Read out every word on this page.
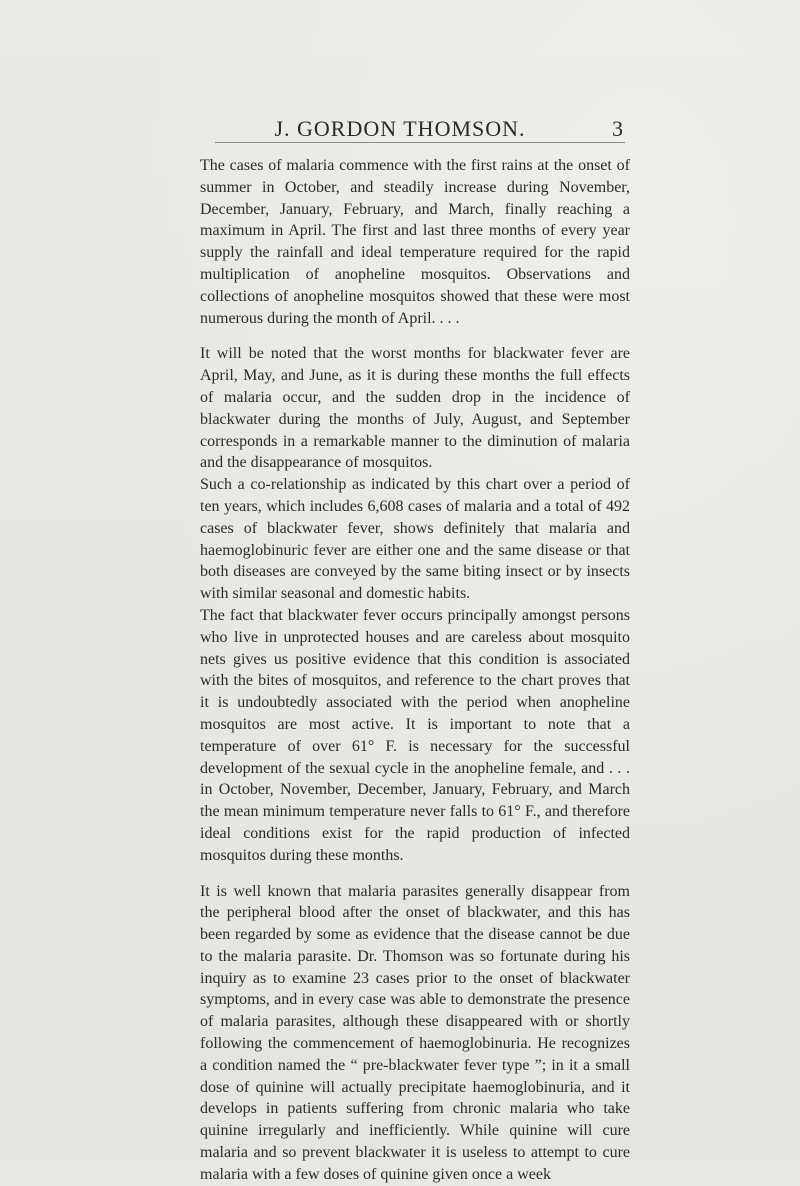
J. GORDON THOMSON.	3

The cases of malaria commence with the first rains at the onset of summer in October, and steadily increase during November, December, January, February, and March, finally reaching a maximum in April. The first and last three months of every year supply the rainfall and ideal temperature required for the rapid multiplication of anopheline mosquitos. Observations and collections of anopheline mosquitos showed that these were most numerous during the month of April. . . .

It will be noted that the worst months for blackwater fever are April, May, and June, as it is during these months the full effects of malaria occur, and the sudden drop in the incidence of blackwater during the months of July, August, and September corresponds in a remarkable manner to the diminution of malaria and the disappearance of mosquitos.

Such a co-relationship as indicated by this chart over a period of ten years, which includes 6,608 cases of malaria and a total of 492 cases of blackwater fever, shows definitely that malaria and haemoglobinuric fever are either one and the same disease or that both diseases are conveyed by the same biting insect or by insects with similar seasonal and domestic habits.

The fact that blackwater fever occurs principally amongst persons who live in unprotected houses and are careless about mosquito nets gives us positive evidence that this condition is associated with the bites of mosquitos, and reference to the chart proves that it is undoubtedly associated with the period when anopheline mosquitos are most active. It is important to note that a temperature of over 61° F. is necessary for the successful development of the sexual cycle in the anopheline female, and . . . in October, November, December, January, February, and March the mean minimum temperature never falls to 61° F., and therefore ideal conditions exist for the rapid production of infected mosquitos during these months.

It is well known that malaria parasites generally disappear from the peripheral blood after the onset of blackwater, and this has been regarded by some as evidence that the disease cannot be due to the malaria parasite. Dr. Thomson was so fortunate during his inquiry as to examine 23 cases prior to the onset of blackwater symptoms, and in every case was able to demonstrate the presence of malaria parasites, although these disappeared with or shortly following the commencement of haemoglobinuria. He recognizes a condition named the “ pre-blackwater fever type ”; in it a small dose of quinine will actually precipitate haemoglobinuria, and it develops in patients suffering from chronic malaria who take quinine irregularly and inefficiently. While quinine will cure malaria and so prevent blackwater it is useless to attempt to cure malaria with a few doses of quinine given once a week
